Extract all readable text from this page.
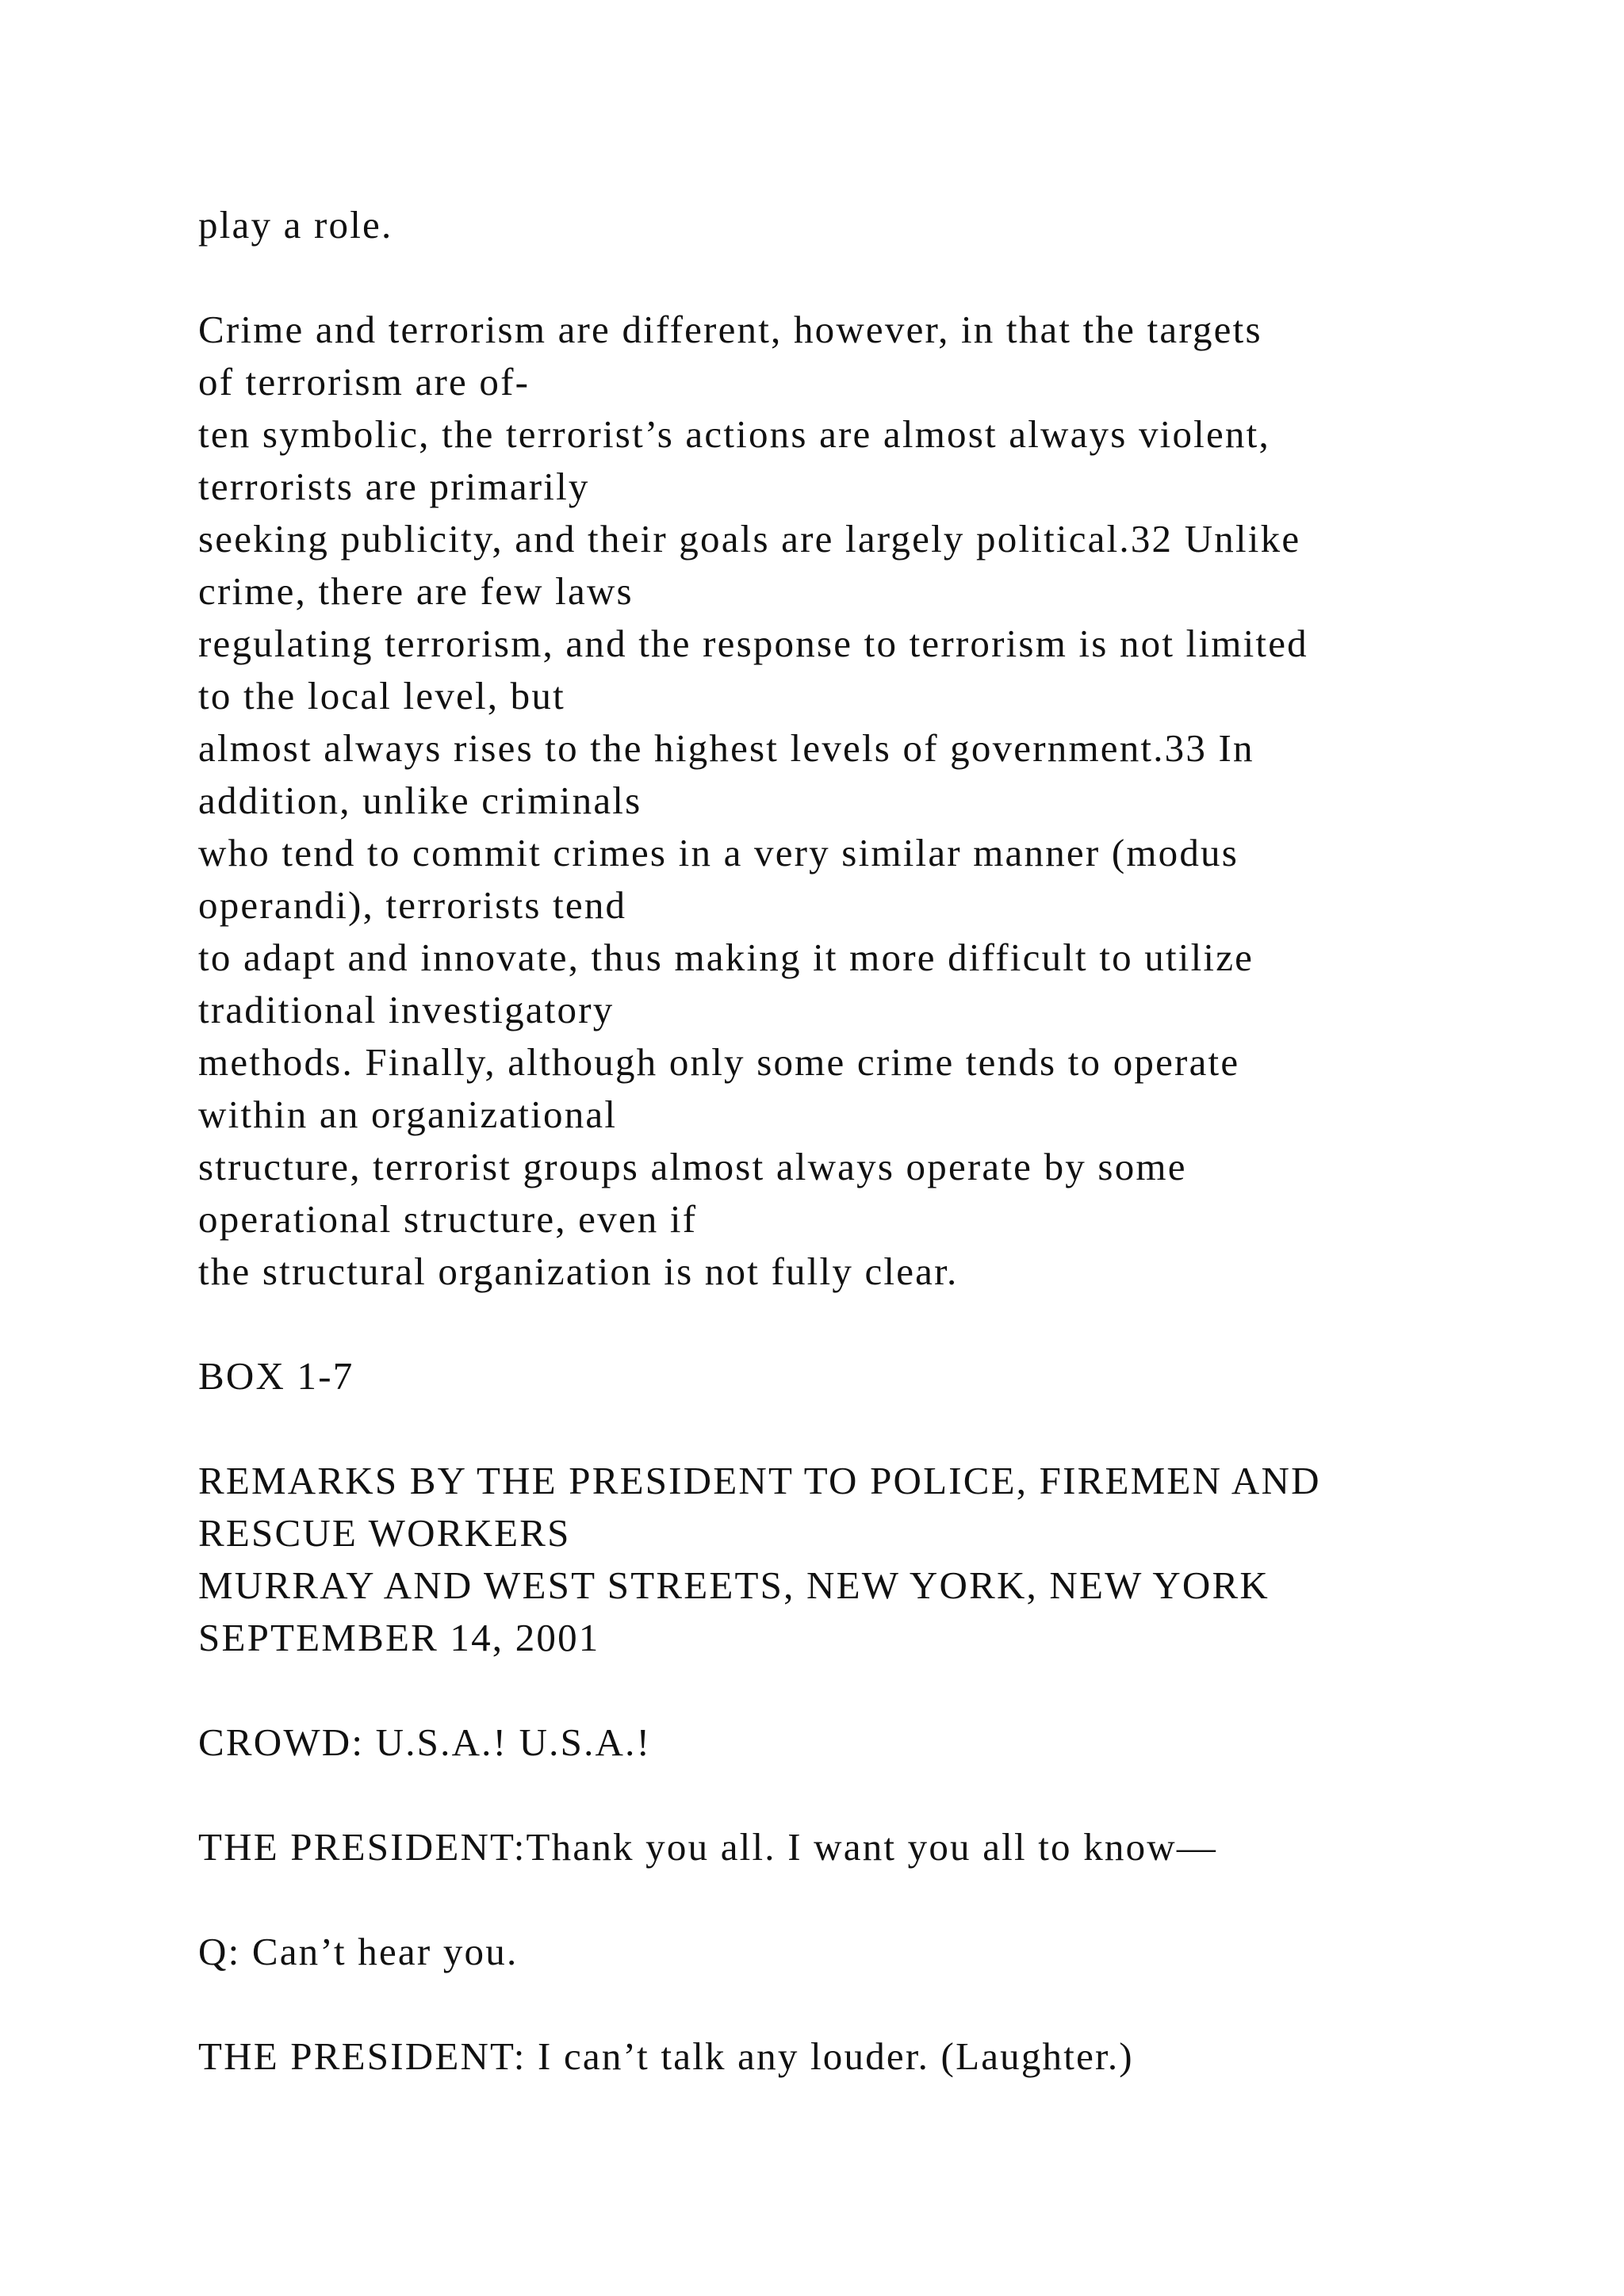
play a role.
Crime and terrorism are different, however, in that the targets
of terrorism are of-
ten symbolic, the terrorist’s actions are almost always violent,
terrorists are primarily
seeking publicity, and their goals are largely political.32 Unlike
crime, there are few laws
regulating terrorism, and the response to terrorism is not limited
to the local level, but
almost always rises to the highest levels of government.33 In
addition, unlike criminals
who tend to commit crimes in a very similar manner (modus
operandi), terrorists tend
to adapt and innovate, thus making it more difficult to utilize
traditional investigatory
methods. Finally, although only some crime tends to operate
within an organizational
structure, terrorist groups almost always operate by some
operational structure, even if
the structural organization is not fully clear.
BOX 1-7
REMARKS BY THE PRESIDENT TO POLICE, FIREMEN AND
RESCUE WORKERS
MURRAY AND WEST STREETS, NEW YORK, NEW YORK
SEPTEMBER 14, 2001
CROWD: U.S.A.! U.S.A.!
THE PRESIDENT:Thank you all. I want you all to know—
Q: Can’t hear you.
THE PRESIDENT: I can’t talk any louder. (Laughter.)
